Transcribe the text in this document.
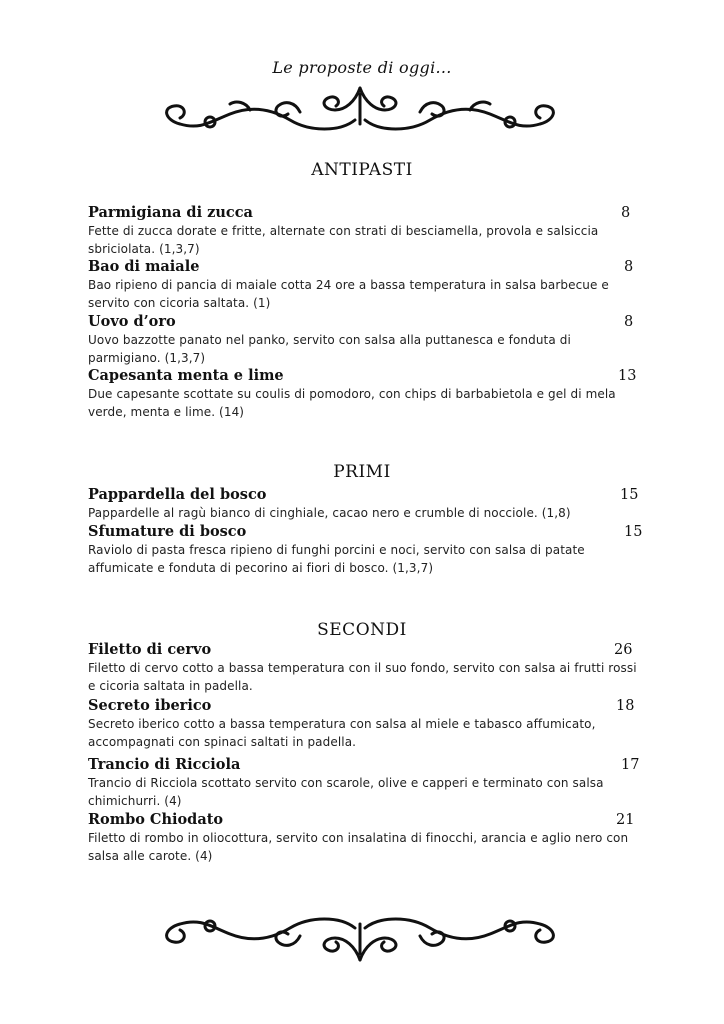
Le proposte di oggi...
ANTIPASTI
Parmigiana di zucca	8
Fette di zucca dorate e fritte, alternate con strati di besciamella, provola e salsiccia sbriciolata. (1,3,7)
Bao di maiale	8
Bao ripieno di pancia di maiale cotta 24 ore a bassa temperatura in salsa barbecue e servito con cicoria saltata. (1)
Uovo d’oro	8
Uovo bazzotte panato nel panko, servito con salsa alla puttanesca e fonduta di parmigiano. (1,3,7)
Capesanta menta e lime	13
Due capesante scottate su coulis di pomodoro, con chips di barbabietola e gel di mela verde, menta e lime. (14)
PRIMI
Pappardella del bosco	15
Pappardelle al ragù bianco di cinghiale, cacao nero e crumble di nocciole. (1,8)
Sfumature di bosco	15
Raviolo di pasta fresca ripieno di funghi porcini e noci, servito con salsa di patate affumicate e fonduta di pecorino ai fiori di bosco. (1,3,7)
SECONDI
Filetto di cervo	26
Filetto di cervo cotto a bassa temperatura con il suo fondo, servito con salsa ai frutti rossi e cicoria saltata in padella.
Secreto iberico	18
Secreto iberico cotto a bassa temperatura con salsa al miele e tabasco affumicato, accompagnati con spinaci saltati in padella.
Trancio di Ricciola	17
Trancio di Ricciola scottato servito con scarole, olive e capperi e terminato con salsa chimichurri. (4)
Rombo Chiodato	21
Filetto di rombo in oliocottura, servito con insalatina di finocchi, arancia e aglio nero con salsa alle carote. (4)
